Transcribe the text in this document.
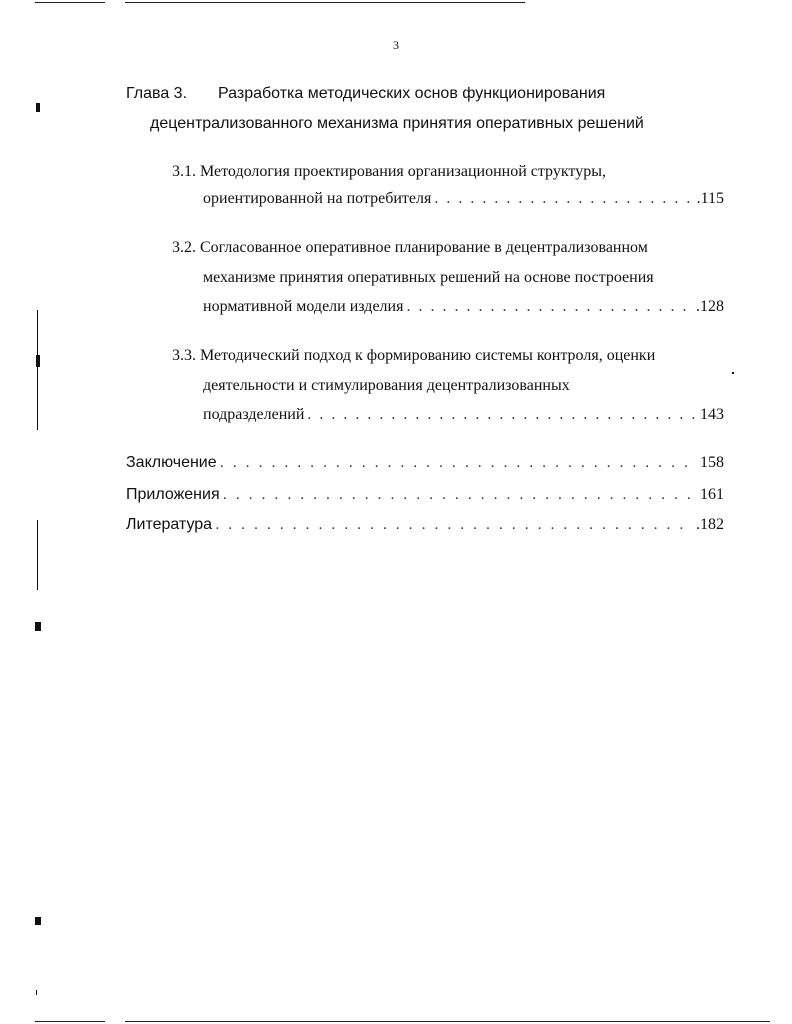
3
Глава 3. Разработка методических основ функционирования
децентрализованного механизма принятия оперативных решений
3.1. Методология проектирования организационной структуры,
ориентированной на потребителя . . .	.115
3.2. Согласованное оперативное планирование в децентрализованном
механизме принятия оперативных решений на основе построения
нормативной модели изделия . . .	.128
3.3. Методический подход к формированию системы контроля, оценки
деятельности и стимулирования децентрализованных
подразделений . . .	143
Заключение . . .	158
Приложения . . .	161
Литература . . .	.182
